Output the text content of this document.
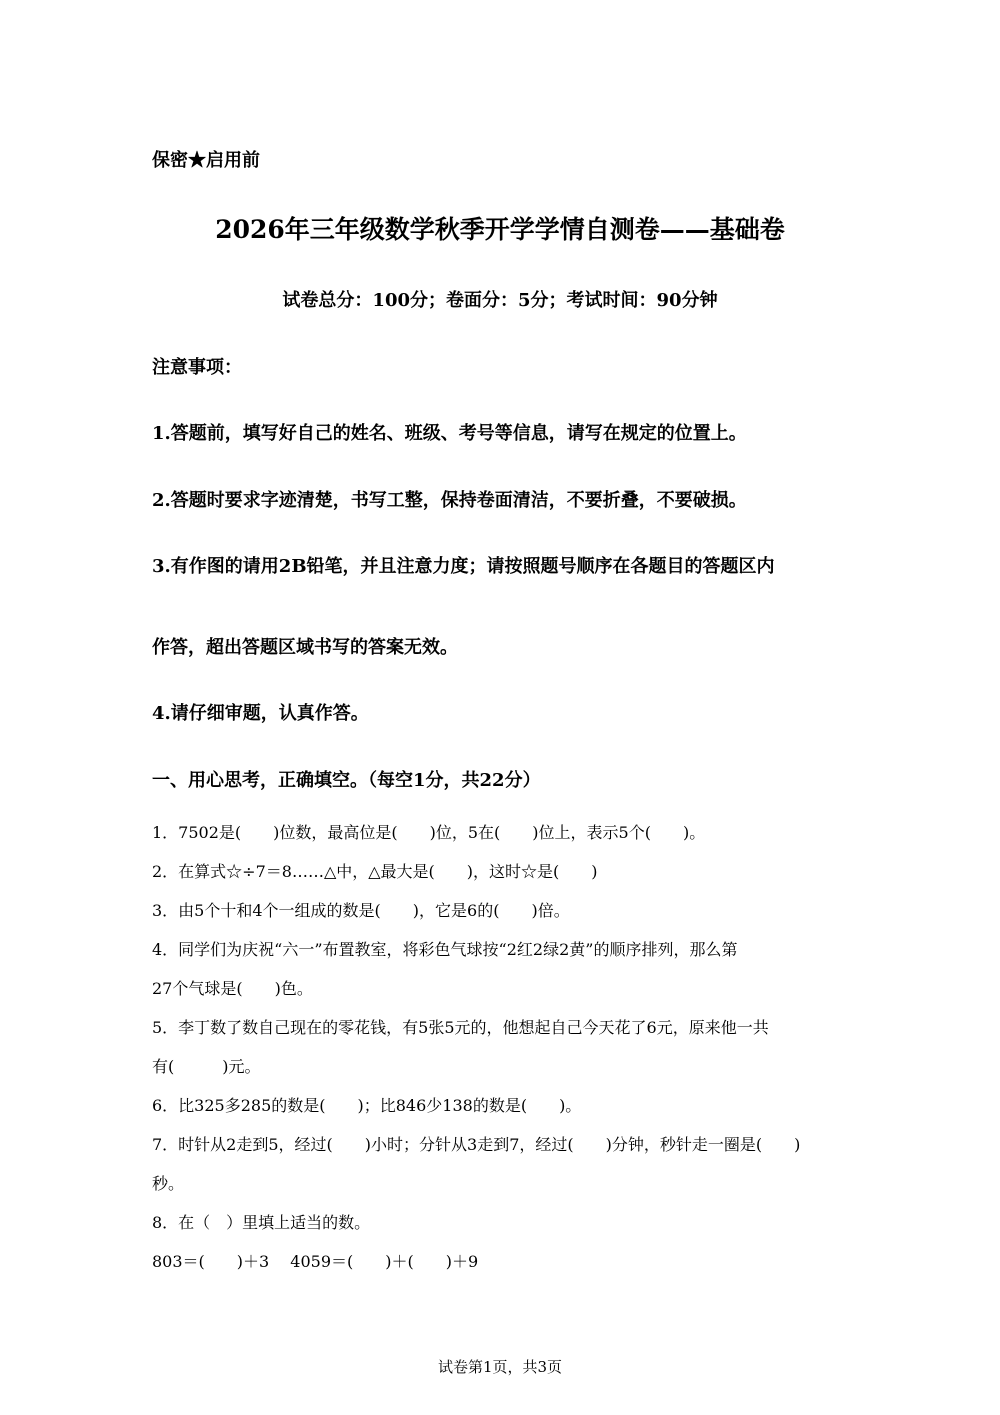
保密★启用前
2026年三年级数学秋季开学学情自测卷——基础卷
试卷总分：100分；卷面分：5分；考试时间：90分钟
注意事项：
1.答题前，填写好自己的姓名、班级、考号等信息，请写在规定的位置上。
2.答题时要求字迹清楚，书写工整，保持卷面清洁，不要折叠，不要破损。
3.有作图的请用2B铅笔，并且注意力度；请按照题号顺序在各题目的答题区内
作答，超出答题区域书写的答案无效。
4.请仔细审题，认真作答。
一、用心思考，正确填空。（每空1分，共22分）
1．7502是(　　)位数，最高位是(　　)位，5在(　　)位上，表示5个(　　)。
2．在算式☆÷7＝8……△中，△最大是(　　)，这时☆是(　　)
3．由5个十和4个一组成的数是(　　)，它是6的(　　)倍。
4．同学们为庆祝“六一”布置教室，将彩色气球按“2红2绿2黄”的顺序排列，那么第
27个气球是(　　)色。
5．李丁数了数自己现在的零花钱，有5张5元的，他想起自己今天花了6元，原来他一共
有(　　　)元。
6．比325多285的数是(　　)；比846少138的数是(　　)。
7．时针从2走到5，经过(　　)小时；分针从3走到7，经过(　　)分钟，秒针走一圈是(　　)
秒。
8．在（　）里填上适当的数。
803＝(　　)＋3　 4059＝(　　)＋(　　)＋9
试卷第1页，共3页
